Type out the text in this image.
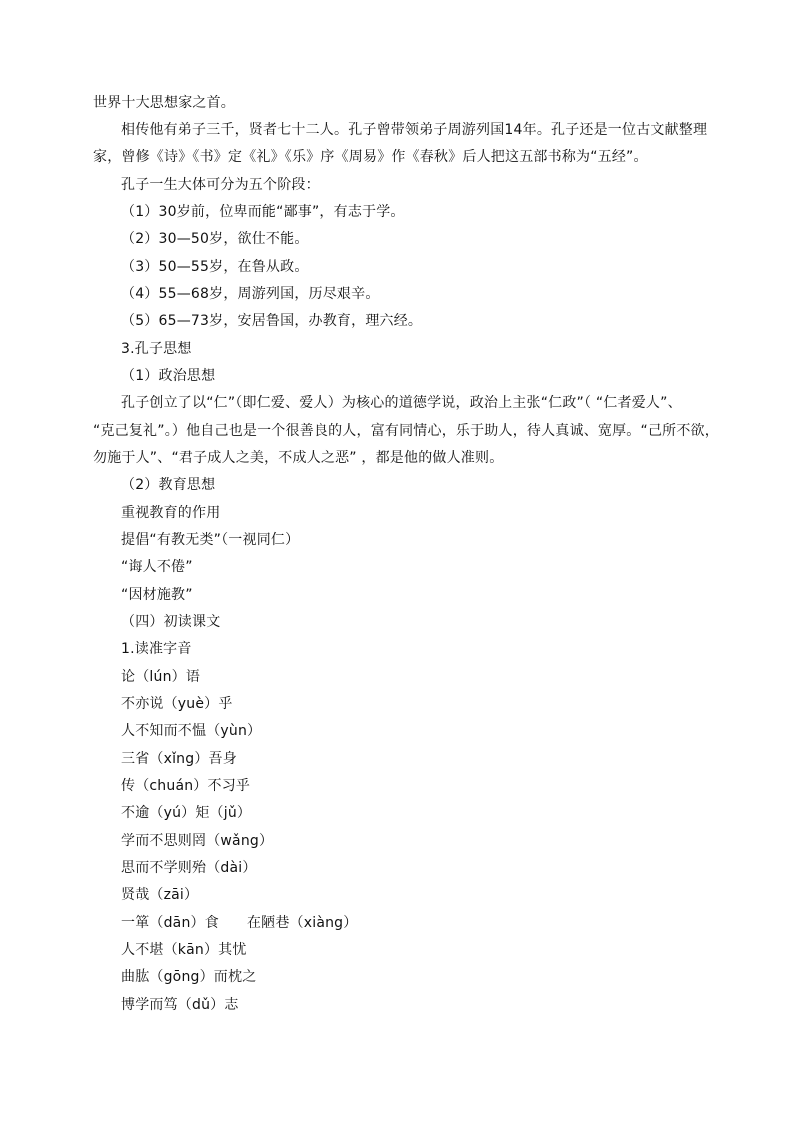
世界十大思想家之首。
相传他有弟子三千，贤者七十二人。孔子曾带领弟子周游列国14年。孔子还是一位古文献整理
家，曾修《诗》《书》定《礼》《乐》序《周易》作《春秋》后人把这五部书称为“五经”。
孔子一生大体可分为五个阶段：
（1）30岁前，位卑而能“鄙事”，有志于学。
（2）30—50岁，欲仕不能。
（3）50—55岁，在鲁从政。
（4）55—68岁，周游列国，历尽艰辛。
（5）65—73岁，安居鲁国，办教育，理六经。
3.孔子思想
（1）政治思想
孔子创立了以“仁”（即仁爱、爱人）为核心的道德学说，政治上主张“仁政”（ “仁者爱人”、
“克己复礼”。）他自己也是一个很善良的人，富有同情心，乐于助人，待人真诚、宽厚。“己所不欲，
勿施于人”、“君子成人之美，不成人之恶” ，都是他的做人准则。
（2）教育思想
重视教育的作用
提倡“有教无类”（一视同仁）
“诲人不倦”
“因材施教”
（四）初读课文
1.读准字音
论（lún）语
不亦说（yuè）乎
人不知而不愠（yùn）
三省（xǐng）吾身
传（chuán）不习乎
不逾（yú）矩（jǔ）
学而不思则罔（wǎng）
思而不学则殆（dài）
贤哉（zāi）
一箪（dān）食 在陋巷（xiàng）
人不堪（kān）其忧
曲肱（gōng）而枕之
博学而笃（dǔ）志
